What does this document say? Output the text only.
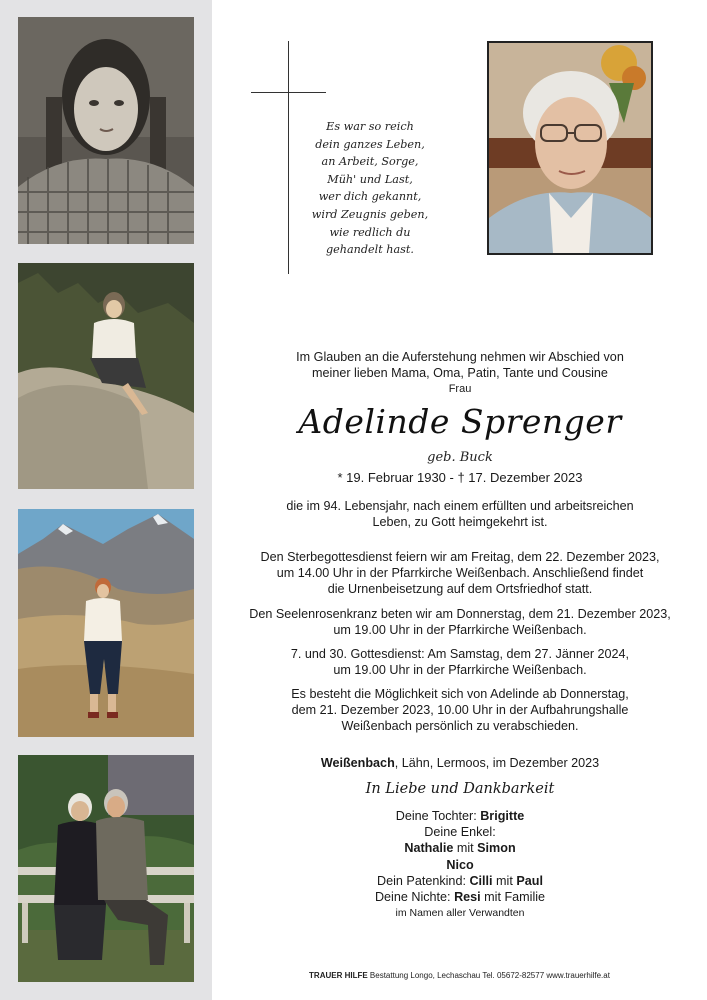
Es war so reich
dein ganzes Leben,
an Arbeit, Sorge,
Müh' und Last,
wer dich gekannt,
wird Zeugnis geben,
wie redlich du
gehandelt hast.
Im Glauben an die Auferstehung nehmen wir Abschied von
meiner lieben Mama, Oma, Patin, Tante und Cousine
Frau
Adelinde Sprenger
geb. Buck
* 19. Februar 1930 - † 17. Dezember 2023
die im 94. Lebensjahr, nach einem erfüllten und arbeitsreichen
Leben, zu Gott heimgekehrt ist.
Den Sterbegottesdienst feiern wir am Freitag, dem 22. Dezember 2023,
um 14.00 Uhr in der Pfarrkirche Weißenbach. Anschließend findet
die Urnenbeisetzung auf dem Ortsfriedhof statt.
Den Seelenrosenkranz beten wir am Donnerstag, dem 21. Dezember 2023,
um 19.00 Uhr in der Pfarrkirche Weißenbach.
7. und 30. Gottesdienst: Am Samstag, dem 27. Jänner 2024,
um 19.00 Uhr in der Pfarrkirche Weißenbach.
Es besteht die Möglichkeit sich von Adelinde ab Donnerstag,
dem 21. Dezember 2023, 10.00 Uhr in der Aufbahrungshalle
Weißenbach persönlich zu verabschieden.
Weißenbach, Lähn, Lermoos, im Dezember 2023
In Liebe und Dankbarkeit
Deine Tochter: Brigitte
Deine Enkel:
Nathalie mit Simon
Nico
Dein Patenkind: Cilli mit Paul
Deine Nichte: Resi mit Familie
im Namen aller Verwandten
TRAUER HILFE Bestattung Longo, Lechaschau Tel. 05672-82577 www.trauerhilfe.at
